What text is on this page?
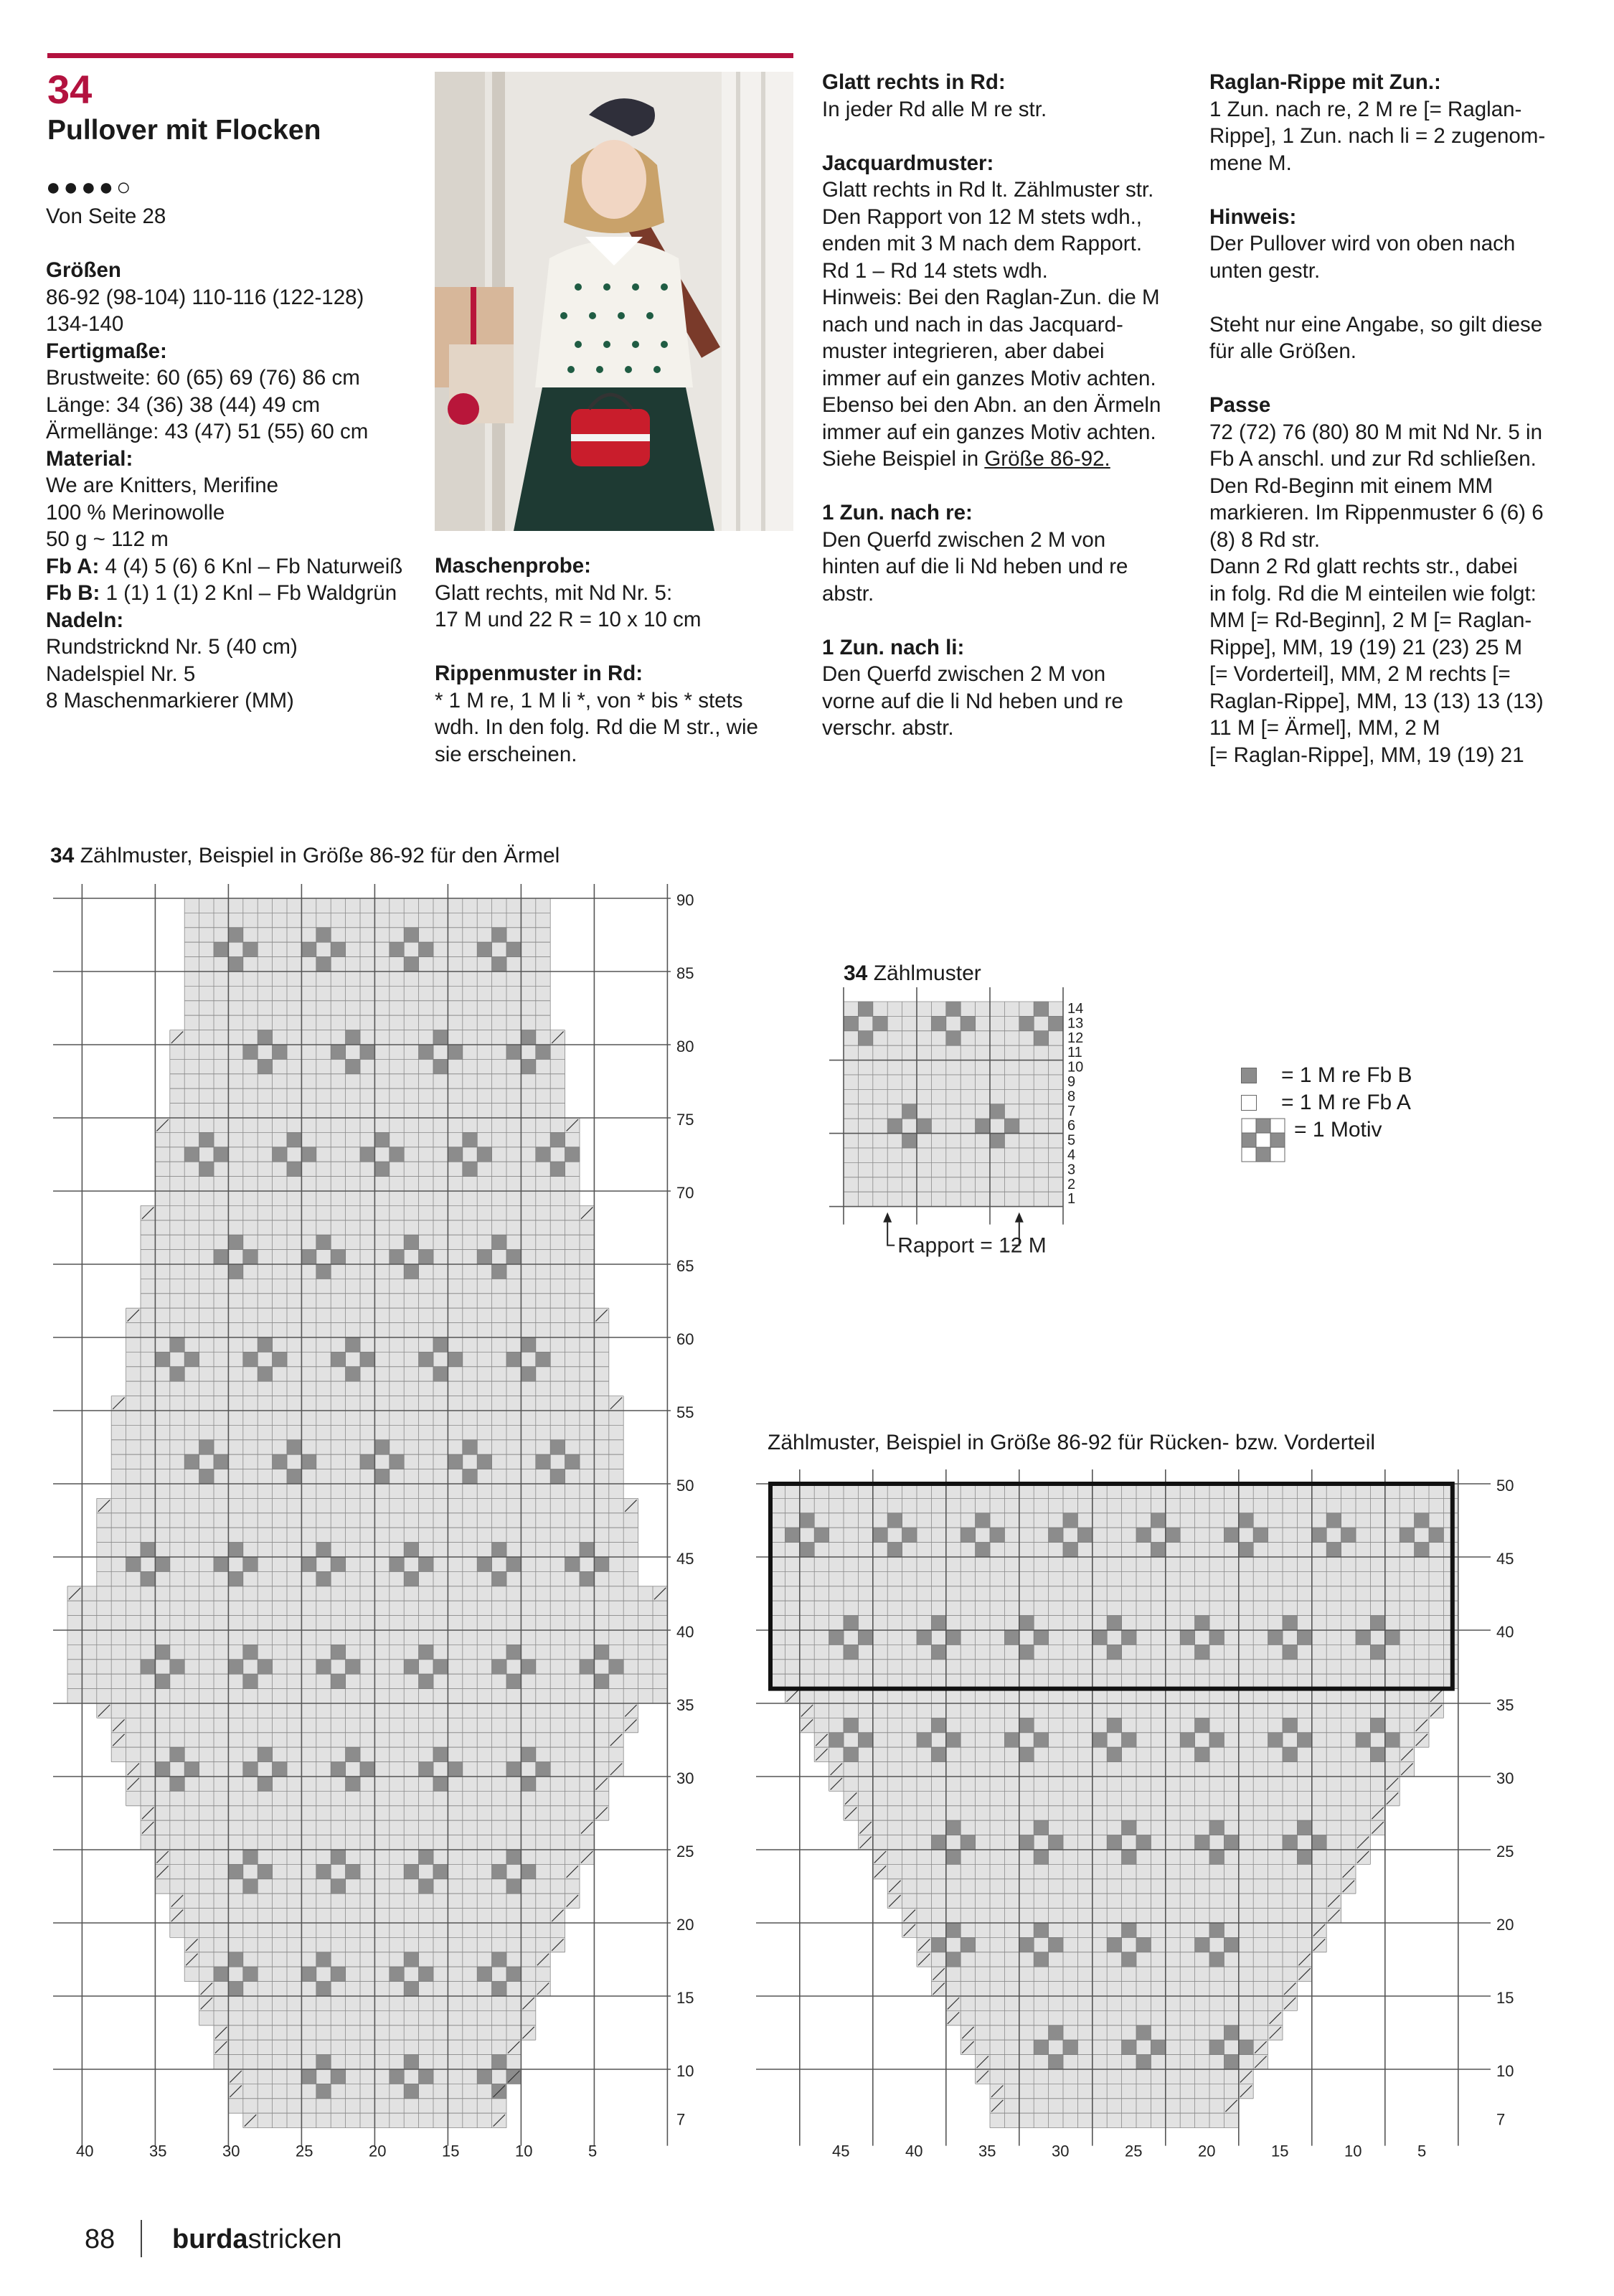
34
Pullover mit Flocken
●●●●○

Von Seite 28

Größen

86-92 (98-104) 110-116 (122-128)

134-140

Fertigmaße:

Brustweite: 60 (65) 69 (76) 86 cm

Länge: 34 (36) 38 (44) 49 cm

Ärmellänge: 43 (47) 51 (55) 60 cm

Material:

We are Knitters, Merifine

100 % Merinowolle

50 g ~ 112 m

Fb A: 4 (4) 5 (6) 6 Knl – Fb Naturweiß

Fb B: 1 (1) 1 (1) 2 Knl – Fb Waldgrün

Nadeln:

Rundstricknd Nr. 5 (40 cm)

Nadelspiel Nr. 5

8 Maschenmarkierer (MM)

Maschenprobe:

Glatt rechts, mit Nd Nr. 5:

17 M und 22 R = 10 x 10 cm

Rippenmuster in Rd:

* 1 M re, 1 M li *, von * bis * stets

wdh. In den folg. Rd die M str., wie

sie erscheinen.

Glatt rechts in Rd:

In jeder Rd alle M re str.

Jacquardmuster:

Glatt rechts in Rd lt. Zählmuster str.

Den Rapport von 12 M stets wdh.,

enden mit 3 M nach dem Rapport.

Rd 1 – Rd 14 stets wdh.

Hinweis: Bei den Raglan-Zun. die M

nach und nach in das Jacquard-

muster integrieren, aber dabei

immer auf ein ganzes Motiv achten.

Ebenso bei den Abn. an den Ärmeln

immer auf ein ganzes Motiv achten.

Siehe Beispiel in Größe 86-92.

1 Zun. nach re:

Den Querfd zwischen 2 M von

hinten auf die li Nd heben und re

abstr.

1 Zun. nach li:

Den Querfd zwischen 2 M von

vorne auf die li Nd heben und re

verschr. abstr.

Raglan-Rippe mit Zun.:

1 Zun. nach re, 2 M re [= Raglan-

Rippe], 1 Zun. nach li = 2 zugenom-

mene M.

Hinweis:

Der Pullover wird von oben nach

unten gestr.

Steht nur eine Angabe, so gilt diese

für alle Größen.

Passe

72 (72) 76 (80) 80 M mit Nd Nr. 5 in

Fb A anschl. und zur Rd schließen.

Den Rd-Beginn mit einem MM

markieren. Im Rippenmuster 6 (6) 6

(8) 8 Rd str.

Dann 2 Rd glatt rechts str., dabei

in folg. Rd die M einteilen wie folgt:

MM [= Rd-Beginn], 2 M [= Raglan-

Rippe], MM, 19 (19) 21 (23) 25 M

[= Vorderteil], MM, 2 M rechts [=

Raglan-Rippe], MM, 13 (13) 13 (13)

11 M [= Ärmel], MM, 2 M

[= Raglan-Rippe], MM, 19 (19) 21

34 Zählmuster, Beispiel in Größe 86-92 für den Ärmel
34 Zählmuster
Zählmuster, Beispiel in Größe 86-92 für Rücken- bzw. Vorderteil
90
85
80
75
70
65
60
55
50
45
40
35
30
25
20
15
10
7
40	35	30	25	20	15	10	5
14
13
12
11
10
9
8
7
6
5
4
3
2
1
Rapport = 12 M
50
45
40
35
30
25
20
15
10
7
45	40	35	30	25	20	15	10	5
= 1 M re Fb B
= 1 M re Fb A
= 1 Motiv
88 burdastricken
